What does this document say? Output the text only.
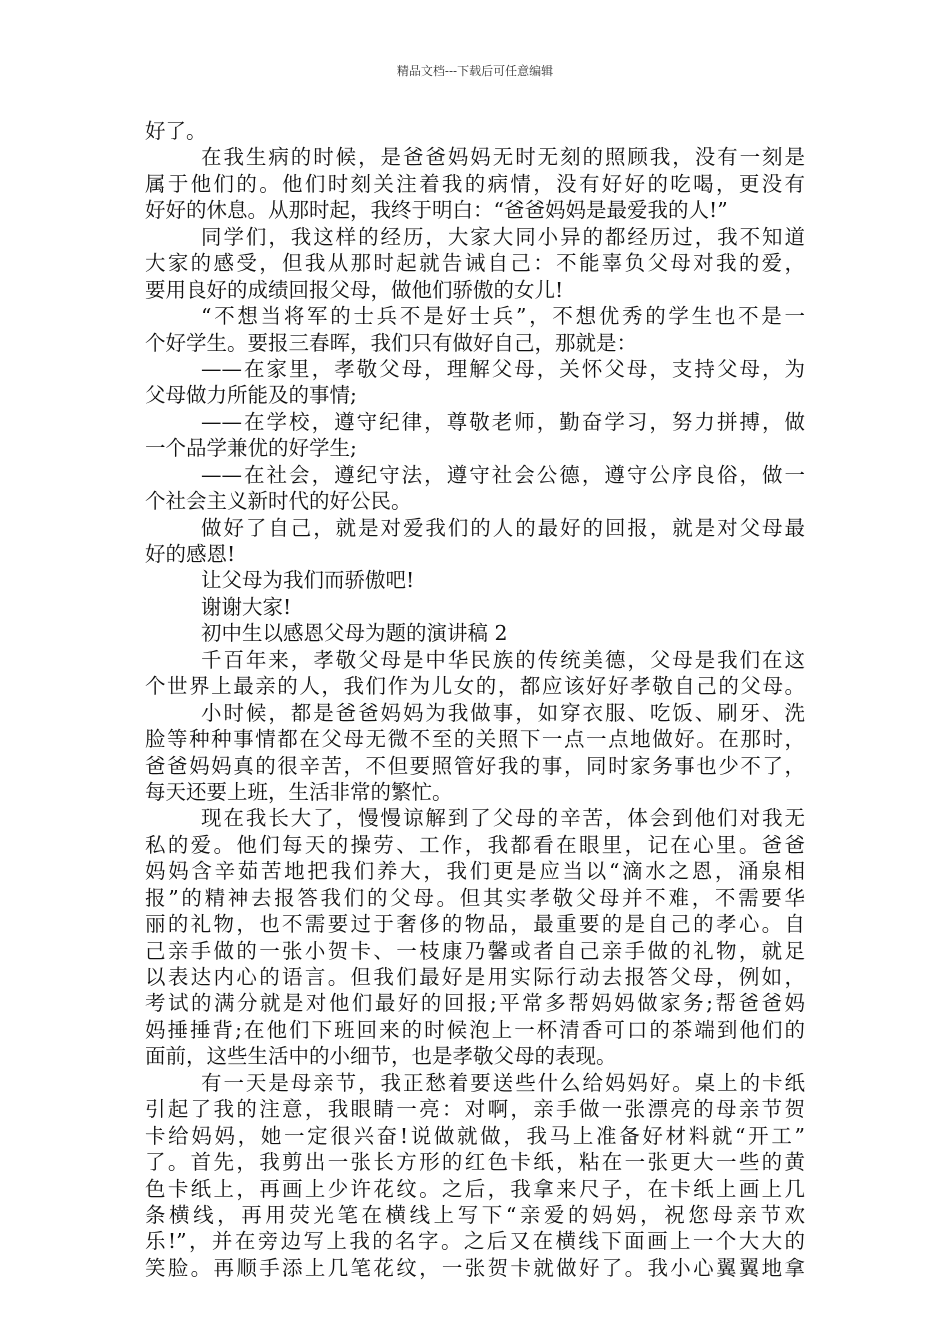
精品文档---下载后可任意编辑
好了。
在我生病的时候，是爸爸妈妈无时无刻的照顾我，没有一刻是
属于他们的。他们时刻关注着我的病情，没有好好的吃喝，更没有
好好的休息。从那时起，我终于明白：“爸爸妈妈是最爱我的人!”
同学们，我这样的经历，大家大同小异的都经历过，我不知道
大家的感受，但我从那时起就告诫自己：不能辜负父母对我的爱，
要用良好的成绩回报父母，做他们骄傲的女儿!
“不想当将军的士兵不是好士兵”，不想优秀的学生也不是一
个好学生。要报三春晖，我们只有做好自己，那就是：
——在家里，孝敬父母，理解父母，关怀父母，支持父母，为
父母做力所能及的事情;
——在学校，遵守纪律，尊敬老师，勤奋学习，努力拼搏，做
一个品学兼优的好学生;
——在社会，遵纪守法，遵守社会公德，遵守公序良俗，做一
个社会主义新时代的好公民。
做好了自己，就是对爱我们的人的最好的回报，就是对父母最
好的感恩!
让父母为我们而骄傲吧!
谢谢大家!
初中生以感恩父母为题的演讲稿 2
千百年来，孝敬父母是中华民族的传统美德，父母是我们在这
个世界上最亲的人，我们作为儿女的，都应该好好孝敬自己的父母。
小时候，都是爸爸妈妈为我做事，如穿衣服、吃饭、刷牙、洗
脸等种种事情都在父母无微不至的关照下一点一点地做好。在那时，
爸爸妈妈真的很辛苦，不但要照管好我的事，同时家务事也少不了，
每天还要上班，生活非常的繁忙。
现在我长大了，慢慢谅解到了父母的辛苦，体会到他们对我无
私的爱。他们每天的操劳、工作，我都看在眼里，记在心里。爸爸
妈妈含辛茹苦地把我们养大，我们更是应当以“滴水之恩，涌泉相
报”的精神去报答我们的父母。但其实孝敬父母并不难，不需要华
丽的礼物，也不需要过于奢侈的物品，最重要的是自己的孝心。自
己亲手做的一张小贺卡、一枝康乃馨或者自己亲手做的礼物，就足
以表达内心的语言。但我们最好是用实际行动去报答父母，例如，
考试的满分就是对他们最好的回报;平常多帮妈妈做家务;帮爸爸妈
妈捶捶背;在他们下班回来的时候泡上一杯清香可口的茶端到他们的
面前，这些生活中的小细节，也是孝敬父母的表现。
有一天是母亲节，我正愁着要送些什么给妈妈好。桌上的卡纸
引起了我的注意，我眼睛一亮：对啊，亲手做一张漂亮的母亲节贺
卡给妈妈，她一定很兴奋!说做就做，我马上准备好材料就“开工”
了。首先，我剪出一张长方形的红色卡纸，粘在一张更大一些的黄
色卡纸上，再画上少许花纹。之后，我拿来尺子，在卡纸上画上几
条横线，再用荧光笔在横线上写下“亲爱的妈妈，祝您母亲节欢
乐!”，并在旁边写上我的名字。之后又在横线下面画上一个大大的
笑脸。再顺手添上几笔花纹，一张贺卡就做好了。我小心翼翼地拿
